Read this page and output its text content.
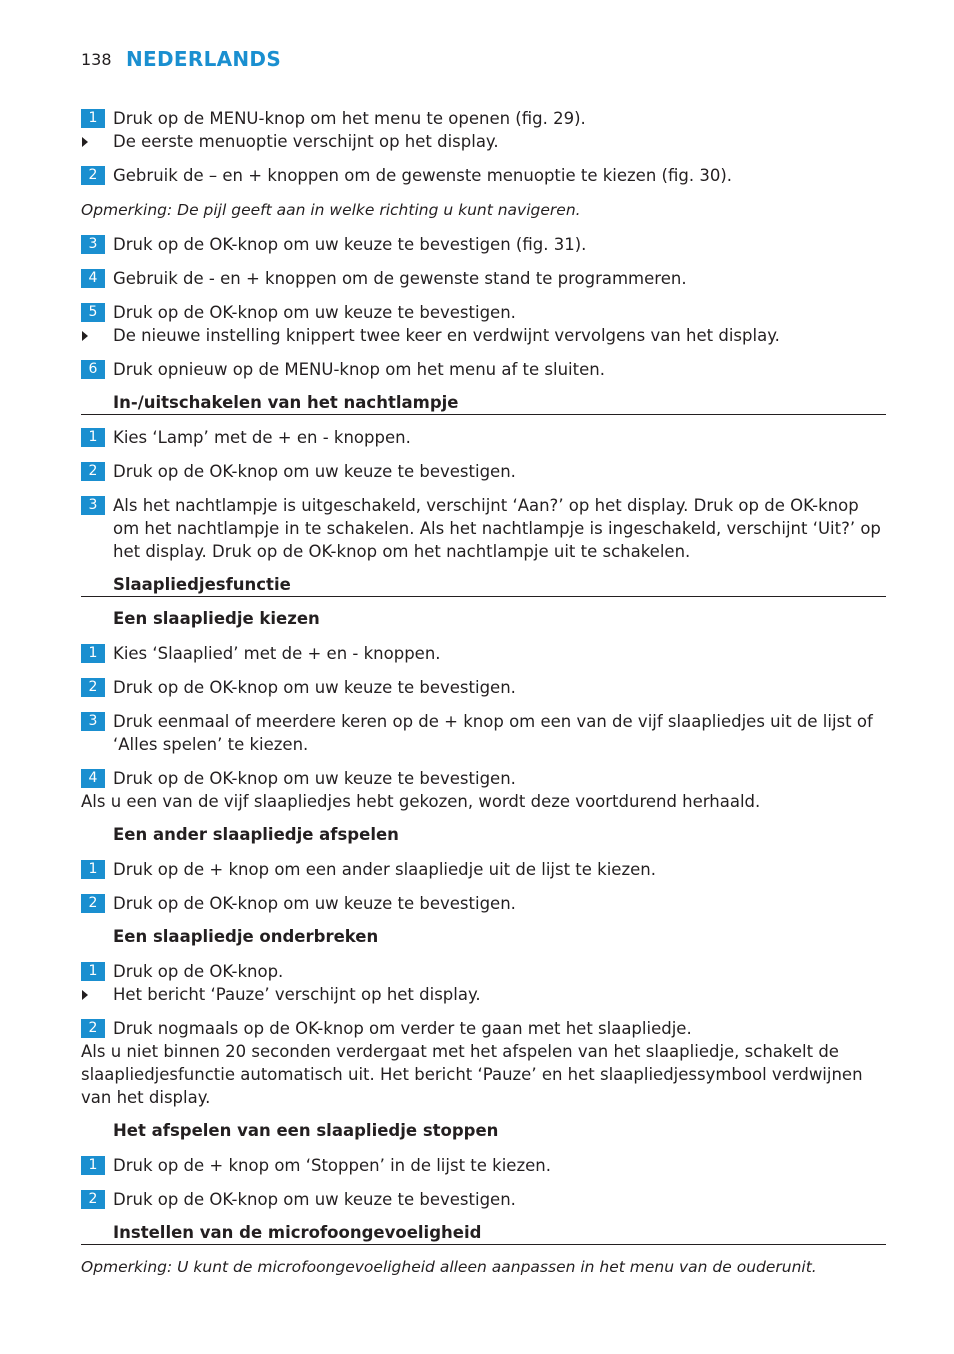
138 NEDERLANDS
1 Druk op de MENU-knop om het menu te openen (fig. 29).
De eerste menuoptie verschijnt op het display.
2 Gebruik de – en + knoppen om de gewenste menuoptie te kiezen (fig. 30).
Opmerking: De pijl geeft aan in welke richting u kunt navigeren.
3 Druk op de OK-knop om uw keuze te bevestigen (fig. 31).
4 Gebruik de - en + knoppen om de gewenste stand te programmeren.
5 Druk op de OK-knop om uw keuze te bevestigen.
De nieuwe instelling knippert twee keer en verdwijnt vervolgens van het display.
6 Druk opnieuw op de MENU-knop om het menu af te sluiten.
In-/uitschakelen van het nachtlampje
1 Kies ‘Lamp’ met de + en - knoppen.
2 Druk op de OK-knop om uw keuze te bevestigen.
3 Als het nachtlampje is uitgeschakeld, verschijnt ‘Aan?’ op het display. Druk op de OK-knop om het nachtlampje in te schakelen. Als het nachtlampje is ingeschakeld, verschijnt ‘Uit?’ op het display. Druk op de OK-knop om het nachtlampje uit te schakelen.
Slaapliedjesfunctie
Een slaapliedje kiezen
1 Kies ‘Slaaplied’ met de + en - knoppen.
2 Druk op de OK-knop om uw keuze te bevestigen.
3 Druk eenmaal of meerdere keren op de + knop om een van de vijf slaapliedjes uit de lijst of ‘Alles spelen’ te kiezen.
4 Druk op de OK-knop om uw keuze te bevestigen.
Als u een van de vijf slaapliedjes hebt gekozen, wordt deze voortdurend herhaald.
Een ander slaapliedje afspelen
1 Druk op de + knop om een ander slaapliedje uit de lijst te kiezen.
2 Druk op de OK-knop om uw keuze te bevestigen.
Een slaapliedje onderbreken
1 Druk op de OK-knop.
Het bericht ‘Pauze’ verschijnt op het display.
2 Druk nogmaals op de OK-knop om verder te gaan met het slaapliedje.
Als u niet binnen 20 seconden verdergaat met het afspelen van het slaapliedje, schakelt de slaapliedjesfunctie automatisch uit. Het bericht ‘Pauze’ en het slaapliedjessymbool verdwijnen van het display.
Het afspelen van een slaapliedje stoppen
1 Druk op de + knop om ‘Stoppen’ in de lijst te kiezen.
2 Druk op de OK-knop om uw keuze te bevestigen.
Instellen van de microfoongevoeligheid
Opmerking: U kunt de microfoongevoeligheid alleen aanpassen in het menu van de ouderunit.
